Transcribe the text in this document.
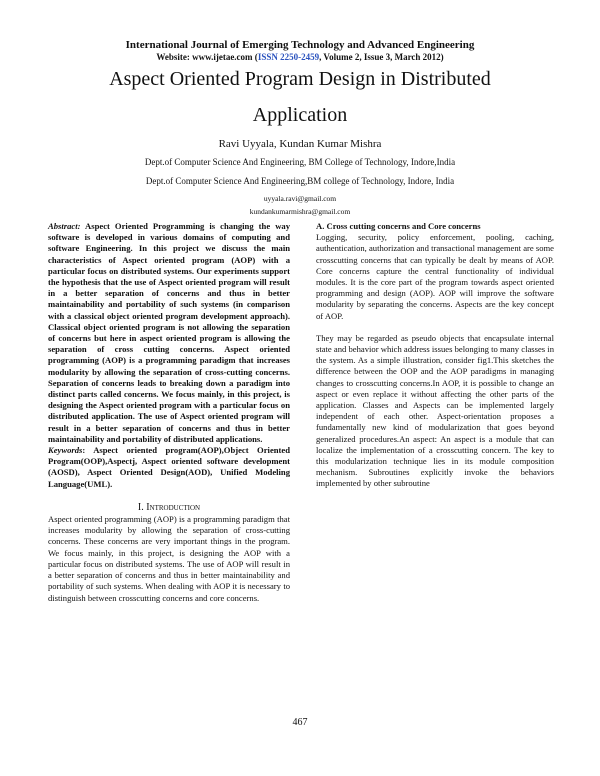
International Journal of Emerging Technology and Advanced Engineering
Website: www.ijetae.com (ISSN 2250-2459, Volume 2, Issue 3, March 2012)
Aspect Oriented Program Design in Distributed
Application
Ravi Uyyala, Kundan Kumar Mishra
Dept.of Computer Science And Engineering, BM College of Technology, Indore,India
Dept.of Computer Science And Engineering,BM college of Technology, Indore, India
uyyala.ravi@gmail.com
kundankumarmishra@gmail.com
Abstract: Aspect Oriented Programming is changing the way software is developed in various domains of computing and software Engineering. In this project we discuss the main characteristics of Aspect oriented program (AOP) with a particular focus on distributed systems. Our experiments support the hypothesis that the use of Aspect oriented program will result in a better separation of concerns and thus in better maintainability and portability of such systems (in comparison with a classical object oriented program development approach). Classical object oriented program is not allowing the separation of concerns but here in aspect oriented program is allowing the separation of cross cutting concerns. Aspect oriented programming (AOP) is a programming paradigm that increases modularity by allowing the separation of cross-cutting concerns. Separation of concerns leads to breaking down a paradigm into distinct parts called concerns. We focus mainly, in this project, is designing the Aspect oriented program with a particular focus on distributed application. The use of Aspect oriented program will result in a better separation of concerns and thus in better maintainability and portability of distributed applications.
Keywords: Aspect oriented program(AOP),Object Oriented Program(OOP),Aspectj, Aspect oriented software development (AOSD), Aspect Oriented Design(AOD), Unified Modeling Language(UML).
I. Introduction
Aspect oriented programming (AOP) is a programming paradigm that increases modularity by allowing the separation of cross-cutting concerns. These concerns are very important things in the program. We focus mainly, in this project, is designing the AOP with a particular focus on distributed systems. The use of AOP will result in a better separation of concerns and thus in better maintainability and portability of such systems. When dealing with AOP it is necessary to distinguish between crosscutting concerns and core concerns.
A. Cross cutting concerns and Core concerns
Logging, security, policy enforcement, pooling, caching, authentication, authorization and transactional management are some crosscutting concerns that can typically be dealt by means of AOP. Core concerns capture the central functionality of individual modules. It is the core part of the program towards aspect oriented programming and design (AOP). AOP will improve the software modularity by separating the concerns. Aspects are the key concept of AOP.
They may be regarded as pseudo objects that encapsulate internal state and behavior which address issues belonging to many classes in the system. As a simple illustration, consider fig1.This sketches the difference between the OOP and the AOP paradigms in managing changes to crosscutting concerns.In AOP, it is possible to change an aspect or even replace it without affecting the other parts of the application. Classes and Aspects can be implemented largely independent of each other. Aspect-orientation proposes a fundamentally new kind of modularization that goes beyond generalized procedures.An aspect: An aspect is a module that can localize the implementation of a crosscutting concern. The key to this modularization technique lies in its module composition mechanism. Subroutines explicitly invoke the behaviors implemented by other subroutine
467
